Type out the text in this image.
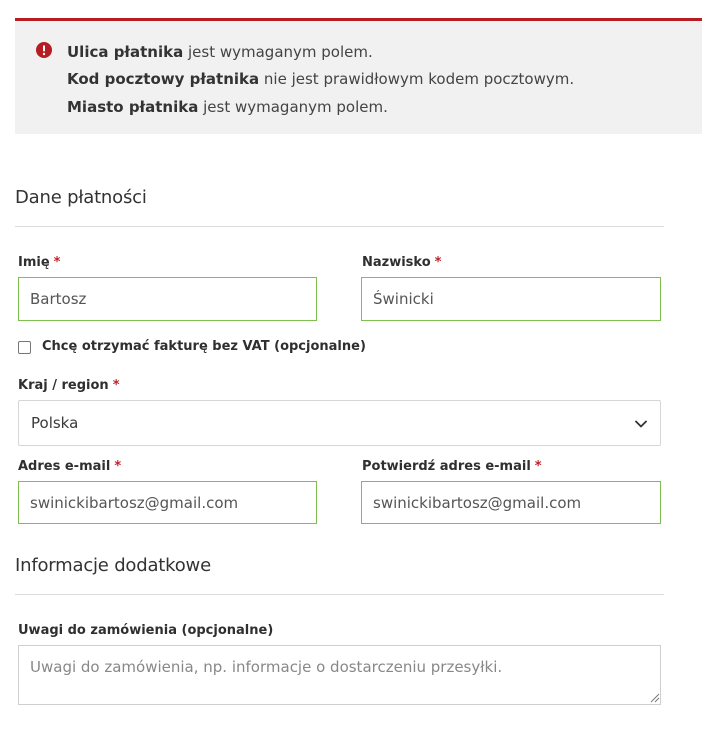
Ulica płatnika jest wymaganym polem.
Kod pocztowy płatnika nie jest prawidłowym kodem pocztowym.
Miasto płatnika jest wymaganym polem.
Dane płatności
Imię *
Bartosz	Nazwisko *
Świnicki
Chcę otrzymać fakturę bez VAT (opcjonalne)
Kraj / region *
Polska
Adres e-mail *
swinickibartosz@gmail.com	Potwierdź adres e-mail *
swinickibartosz@gmail.com
Informacje dodatkowe
Uwagi do zamówienia (opcjonalne)
Uwagi do zamówienia, np. informacje o dostarczeniu przesyłki.
